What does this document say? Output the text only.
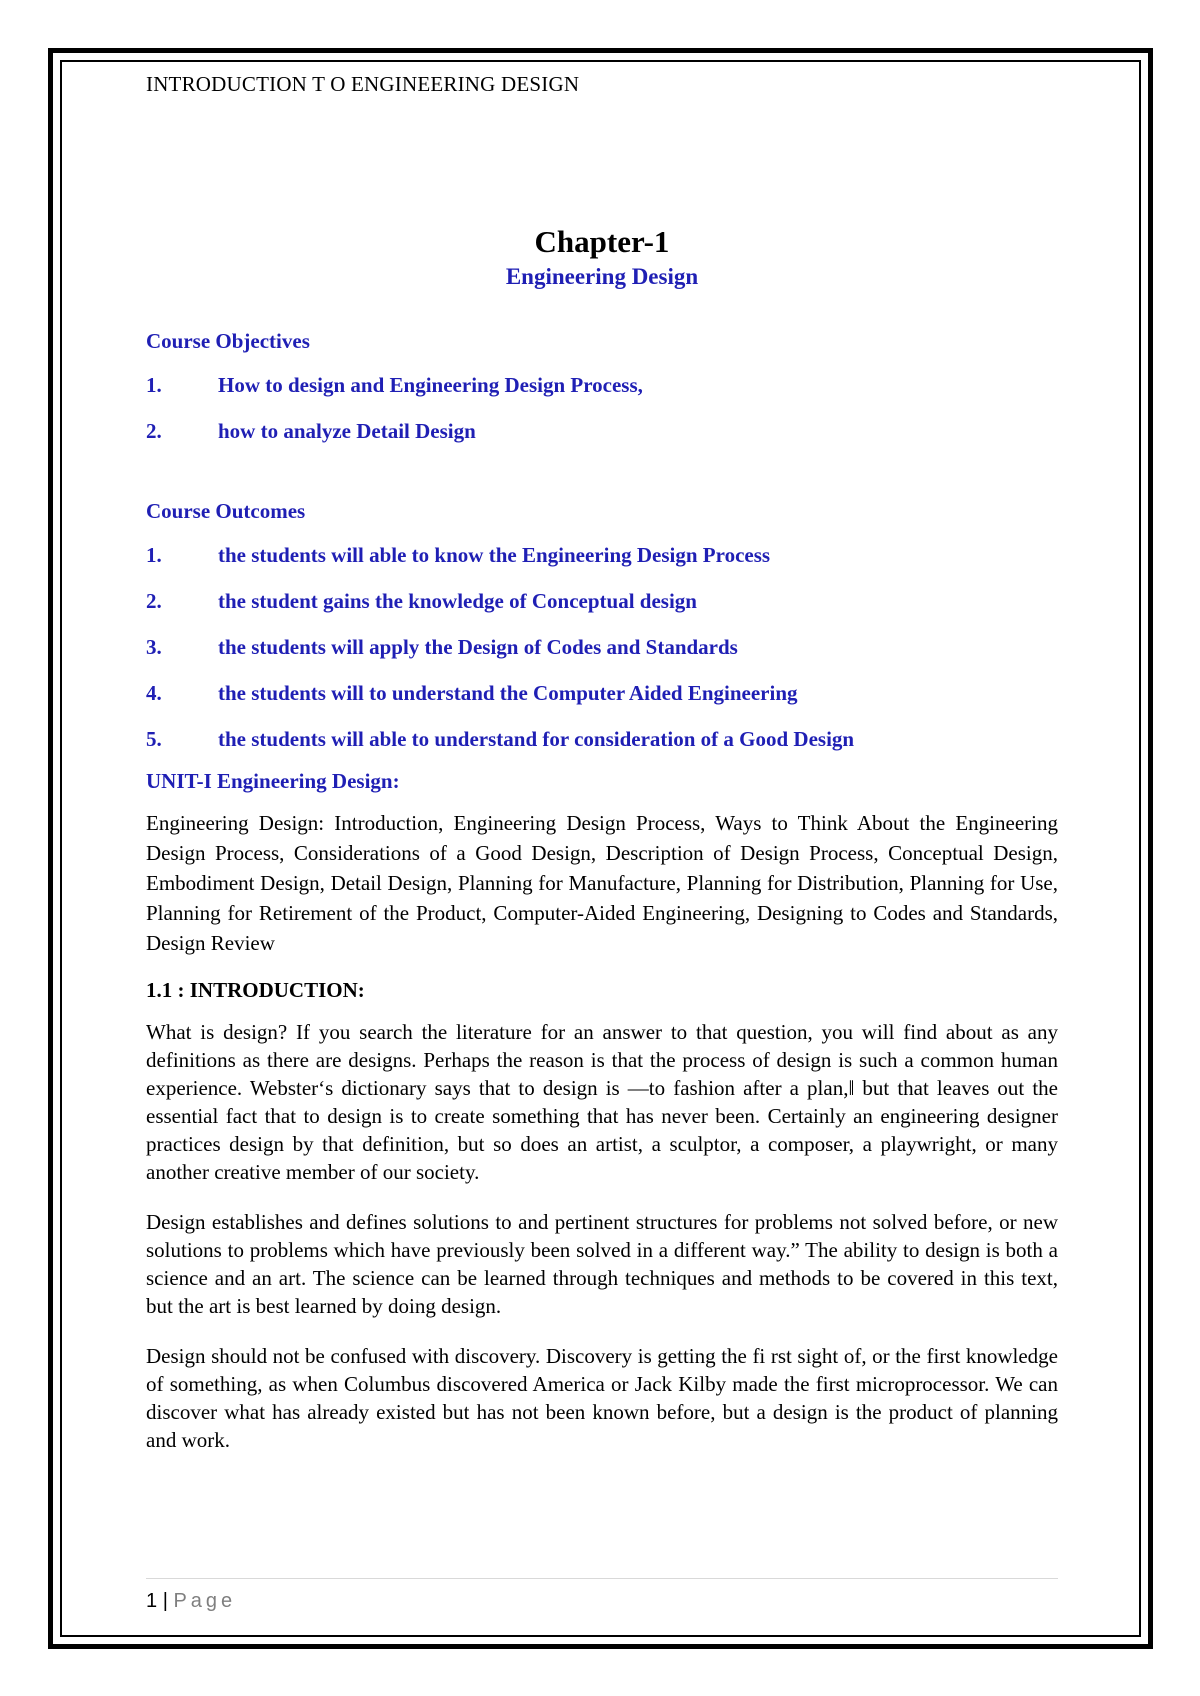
INTRODUCTION T O ENGINEERING DESIGN
Chapter-1
Engineering Design
Course Objectives
1.	How to design and Engineering Design Process,
2.	how to analyze Detail Design
Course Outcomes
1.	the students will able to know the Engineering Design Process
2.	the student gains the knowledge of Conceptual design
3.	the students will apply the Design of Codes and Standards
4.	the students will to understand the Computer Aided Engineering
5.	the students will able to understand for consideration of a Good Design
UNIT-I Engineering Design:

Engineering Design: Introduction, Engineering Design Process, Ways to Think About the Engineering Design Process, Considerations of a Good Design, Description of Design Process, Conceptual Design, Embodiment Design, Detail Design, Planning for Manufacture, Planning for Distribution, Planning for Use, Planning for Retirement of the Product, Computer-Aided Engineering, Designing to Codes and Standards, Design Review

1.1 : INTRODUCTION:

What is design? If you search the literature for an answer to that question, you will find about as any definitions as there are designs. Perhaps the reason is that the process of design is such a common human experience. Webster‘s dictionary says that to design is ―to fashion after a plan,‖ but that leaves out the essential fact that to design is to create something that has never been. Certainly an engineering designer practices design by that definition, but so does an artist, a sculptor, a composer, a playwright, or many another creative member of our society.

Design establishes and defines solutions to and pertinent structures for problems not solved before, or new solutions to problems which have previously been solved in a different way.” The ability to design is both a science and an art. The science can be learned through techniques and methods to be covered in this text, but the art is best learned by doing design.

Design should not be confused with discovery. Discovery is getting the fi rst sight of, or the first knowledge of something, as when Columbus discovered America or Jack Kilby made the first microprocessor. We can discover what has already existed but has not been known before, but a design is the product of planning and work.

1 | Page
